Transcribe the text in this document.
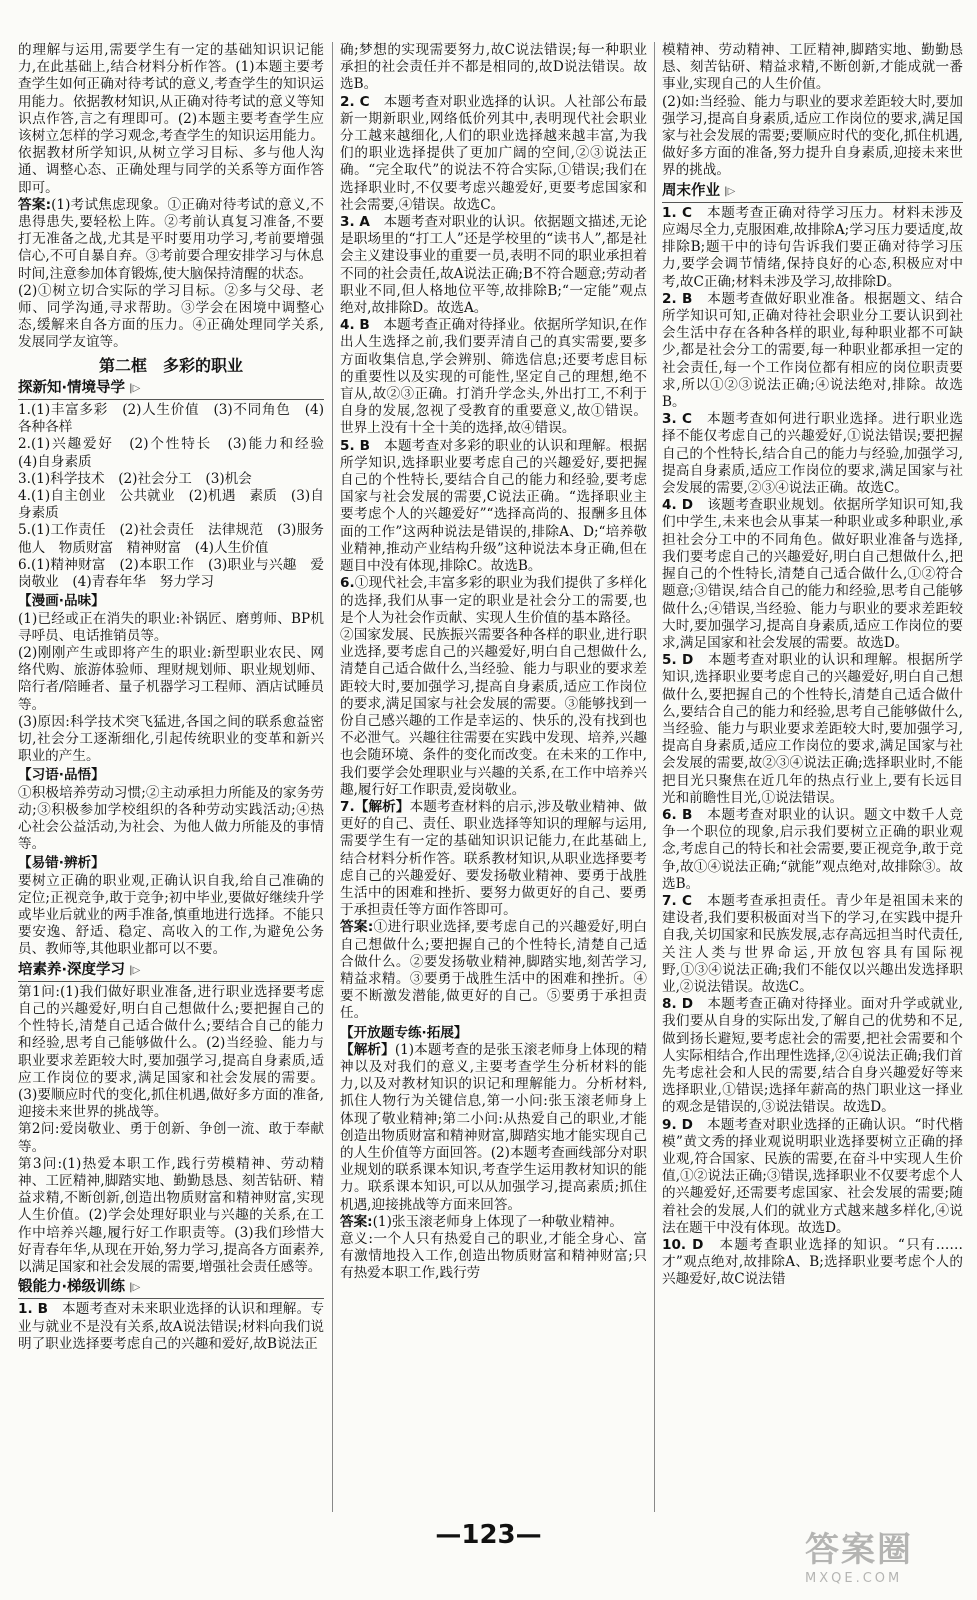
的理解与运用,需要学生有一定的基础知识识记能力,在此基础上,结合材料分析作答。(1)本题主要考查学生如何正确对待考试的意义,考查学生的知识运用能力。依据教材知识,从正确对待考试的意义等知识点作答,言之有理即可。(2)本题主要考查学生应该树立怎样的学习观念,考查学生的知识运用能力。依据教材所学知识,从树立学习目标、多与他人沟通、调整心态、正确处理与同学的关系等方面作答即可。

答案:(1)考试焦虑现象。①正确对待考试的意义,不患得患失,要轻松上阵。②考前认真复习准备,不要打无准备之战,尤其是平时要用功学习,考前要增强信心,不可自暴自弃。③考前要合理安排学习与休息时间,注意参加体育锻炼,使大脑保持清醒的状态。

(2)①树立切合实际的学习目标。②多与父母、老师、同学沟通,寻求帮助。③学会在困境中调整心态,缓解来自各方面的压力。④正确处理同学关系,发展同学友谊等。

第二框　多彩的职业
探新知·情境导学 |▷

1.(1)丰富多彩　(2)人生价值　(3)不同角色　(4)各种各样

2.(1)兴趣爱好　(2)个性特长　(3)能力和经验　(4)自身素质

3.(1)科学技术　(2)社会分工　(3)机会

4.(1)自主创业　公共就业　(2)机遇　素质　(3)自身素质

5.(1)工作责任　(2)社会责任　法律规范　(3)服务他人　物质财富　精神财富　(4)人生价值

6.(1)精神财富　(2)本职工作　(3)职业与兴趣　爱岗敬业　(4)青春年华　努力学习

【漫画·品味】

(1)已经或正在消失的职业:补锅匠、磨剪师、BP机寻呼员、电话推销员等。

(2)刚刚产生或即将产生的职业:新型职业农民、网络代购、旅游体验师、理财规划师、职业规划师、陪行者/陪睡者、量子机器学习工程师、酒店试睡员等。

(3)原因:科学技术突飞猛进,各国之间的联系愈益密切,社会分工逐渐细化,引起传统职业的变革和新兴职业的产生。

【习语·品悟】

①积极培养劳动习惯;②主动承担力所能及的家务劳动;③积极参加学校组织的各种劳动实践活动;④热心社会公益活动,为社会、为他人做力所能及的事情等。

【易错·辨析】

要树立正确的职业观,正确认识自我,给自己准确的定位;正视竞争,敢于竞争;初中毕业,要做好继续升学或毕业后就业的两手准备,慎重地进行选择。不能只要安逸、舒适、稳定、高收入的工作,为避免公务员、教师等,其他职业都可以不要。

培素养·深度学习 |▷

第1问:(1)我们做好职业准备,进行职业选择要考虑自己的兴趣爱好,明白自己想做什么;要把握自己的个性特长,清楚自己适合做什么;要结合自己的能力和经验,思考自己能够做什么。(2)当经验、能力与职业要求差距较大时,要加强学习,提高自身素质,适应工作岗位的要求,满足国家和社会发展的需要。(3)要顺应时代的变化,抓住机遇,做好多方面的准备,迎接未来世界的挑战等。

第2问:爱岗敬业、勇于创新、争创一流、敢于奉献等。

第3问:(1)热爱本职工作,践行劳模精神、劳动精神、工匠精神,脚踏实地、勤勤恳恳、刻苦钻研、精益求精,不断创新,创造出物质财富和精神财富,实现人生价值。(2)学会处理好职业与兴趣的关系,在工作中培养兴趣,履行好工作职责等。(3)我们珍惜大好青春年华,从现在开始,努力学习,提高各方面素养,以满足国家和社会发展的需要,增强社会责任感等。

锻能力·梯级训练 |▷

1. B　本题考查对未来职业选择的认识和理解。专业与就业不是没有关系,故A说法错误;材料向我们说明了职业选择要考虑自己的兴趣和爱好,故B说法正

确;梦想的实现需要努力,故C说法错误;每一种职业承担的社会责任并不都是相同的,故D说法错误。故选B。

2. C　本题考查对职业选择的认识。人社部公布最新一期新职业,网络低价列其中,表明现代社会职业分工越来越细化,人们的职业选择越来越丰富,为我们的职业选择提供了更加广阔的空间,②③说法正确。“完全取代”的说法不符合实际,①错误;我们在选择职业时,不仅要考虑兴趣爱好,更要考虑国家和社会需要,④错误。故选C。

3. A　本题考查对职业的认识。依据题文描述,无论是职场里的“打工人”还是学校里的“读书人”,都是社会主义建设事业的重要一员,表明不同的职业承担着不同的社会责任,故A说法正确;B不符合题意;劳动者职业不同,但人格地位平等,故排除B;“一定能”观点绝对,故排除D。故选A。

4. B　本题考查正确对待择业。依据所学知识,在作出人生选择之前,我们要弄清自己的真实需要,要多方面收集信息,学会辨别、筛选信息;还要考虑目标的重要性以及实现的可能性,坚定自己的理想,绝不盲从,故②③正确。打消升学念头,外出打工,不利于自身的发展,忽视了受教育的重要意义,故①错误。世界上没有十全十美的选择,故④错误。

5. B　本题考查对多彩的职业的认识和理解。根据所学知识,选择职业要考虑自己的兴趣爱好,要把握自己的个性特长,要结合自己的能力和经验,要考虑国家与社会发展的需要,C说法正确。“选择职业主要考虑个人的兴趣爱好”“选择高尚的、报酬多且体面的工作”这两种说法是错误的,排除A、D;“培养敬业精神,推动产业结构升级”这种说法本身正确,但在题目中没有体现,排除C。故选B。

6.①现代社会,丰富多彩的职业为我们提供了多样化的选择,我们从事一定的职业是社会分工的需要,也是个人为社会作贡献、实现人生价值的基本路径。

②国家发展、民族振兴需要各种各样的职业,进行职业选择,要考虑自己的兴趣爱好,明白自己想做什么,清楚自己适合做什么,当经验、能力与职业的要求差距较大时,要加强学习,提高自身素质,适应工作岗位的要求,满足国家与社会发展的需要。③能够找到一份自己感兴趣的工作是幸运的、快乐的,没有找到也不必泄气。兴趣往往需要在实践中发现、培养,兴趣也会随环境、条件的变化而改变。在未来的工作中,我们要学会处理职业与兴趣的关系,在工作中培养兴趣,履行好工作职责,爱岗敬业。

7.【解析】本题考查材料的启示,涉及敬业精神、做更好的自己、责任、职业选择等知识的理解与运用,需要学生有一定的基础知识识记能力,在此基础上,结合材料分析作答。联系教材知识,从职业选择要考虑自己的兴趣爱好、要发扬敬业精神、要勇于战胜生活中的困难和挫折、要努力做更好的自己、要勇于承担责任等方面作答即可。

答案:①进行职业选择,要考虑自己的兴趣爱好,明白自己想做什么;要把握自己的个性特长,清楚自己适合做什么。②要发扬敬业精神,脚踏实地,刻苦学习,精益求精。③要勇于战胜生活中的困难和挫折。④要不断激发潜能,做更好的自己。⑤要勇于承担责任。

【开放题专练·拓展】

【解析】(1)本题考查的是张玉滚老师身上体现的精神以及对我们的意义,主要考查学生分析材料的能力,以及对教材知识的识记和理解能力。分析材料,抓住人物行为关键信息,第一小问:张玉滚老师身上体现了敬业精神;第二小问:从热爱自己的职业,才能创造出物质财富和精神财富,脚踏实地才能实现自己的人生价值等方面回答。(2)本题考查画线部分对职业规划的联系课本知识,考查学生运用教材知识的能力。联系课本知识,可以从加强学习,提高素质;抓住机遇,迎接挑战等方面来回答。

答案:(1)张玉滚老师身上体现了一种敬业精神。

意义:一个人只有热爱自己的职业,才能全身心、富有激情地投入工作,创造出物质财富和精神财富;只有热爱本职工作,践行劳

模精神、劳动精神、工匠精神,脚踏实地、勤勤恳恳、刻苦钻研、精益求精,不断创新,才能成就一番事业,实现自己的人生价值。

(2)如:当经验、能力与职业的要求差距较大时,要加强学习,提高自身素质,适应工作岗位的要求,满足国家与社会发展的需要;要顺应时代的变化,抓住机遇,做好多方面的准备,努力提升自身素质,迎接未来世界的挑战。

周末作业 |▷

1. C　本题考查正确对待学习压力。材料未涉及应竭尽全力,克服困难,故排除A;学习压力要适度,故排除B;题干中的诗句告诉我们要正确对待学习压力,要学会调节情绪,保持良好的心态,积极应对中考,故C正确;材料未涉及学习,故排除D。

2. B　本题考查做好职业准备。根据题文、结合所学知识可知,正确对待社会职业分工要认识到社会生活中存在各种各样的职业,每种职业都不可缺少,都是社会分工的需要,每一种职业都承担一定的社会责任,每一个工作岗位都有相应的岗位职责要求,所以①②③说法正确;④说法绝对,排除。故选B。

3. C　本题考查如何进行职业选择。进行职业选择不能仅考虑自己的兴趣爱好,①说法错误;要把握自己的个性特长,结合自己的能力与经验,加强学习,提高自身素质,适应工作岗位的要求,满足国家与社会发展的需要,②③④说法正确。故选C。

4. D　该题考查职业规划。依据所学知识可知,我们中学生,未来也会从事某一种职业或多种职业,承担社会分工中的不同角色。做好职业准备与选择,我们要考虑自己的兴趣爱好,明白自己想做什么,把握自己的个性特长,清楚自己适合做什么,①②符合题意;③错误,结合自己的能力和经验,思考自己能够做什么;④错误,当经验、能力与职业的要求差距较大时,要加强学习,提高自身素质,适应工作岗位的要求,满足国家和社会发展的需要。故选D。

5. D　本题考查对职业的认识和理解。根据所学知识,选择职业要考虑自己的兴趣爱好,明白自己想做什么,要把握自己的个性特长,清楚自己适合做什么,要结合自己的能力和经验,思考自己能够做什么,当经验、能力与职业要求差距较大时,要加强学习,提高自身素质,适应工作岗位的要求,满足国家与社会发展的需要,故②③④说法正确;选择职业时,不能把目光只聚焦在近几年的热点行业上,要有长远目光和前瞻性目光,①说法错误。

6. B　本题考查对职业的认识。题文中数千人竞争一个职位的现象,启示我们要树立正确的职业观念,考虑自己的特长和社会需要,要正视竞争,敢于竞争,故①④说法正确;“就能”观点绝对,故排除③。故选B。

7. C　本题考查承担责任。青少年是祖国未来的建设者,我们要积极面对当下的学习,在实践中提升自我,关切国家和民族发展,志存高远担当时代责任,关注人类与世界命运,开放包容具有国际视野,①③④说法正确;我们不能仅以兴趣出发选择职业,②说法错误。故选C。

8. D　本题考查正确对待择业。面对升学或就业,我们要从自身的实际出发,了解自己的优势和不足,做到扬长避短,要考虑社会的需要,把社会需要和个人实际相结合,作出理性选择,②④说法正确;我们首先考虑社会和人民的需要,结合自身兴趣爱好等来选择职业,①错误;选择年薪高的热门职业这一择业的观念是错误的,③说法错误。故选D。

9. D　本题考查对职业选择的正确认识。“时代楷模”黄文秀的择业观说明职业选择要树立正确的择业观,符合国家、民族的需要,在奋斗中实现人生价值,①②说法正确;③错误,选择职业不仅要考虑个人的兴趣爱好,还需要考虑国家、社会发展的需要;随着社会的发展,人们的就业方式越来越多样化,④说法在题干中没有体现。故选D。

10. D　本题考查职业选择的知识。“只有……才”观点绝对,故排除A、B;选择职业要考虑个人的兴趣爱好,故C说法错

—123—	答案圈
MXQE.COM
